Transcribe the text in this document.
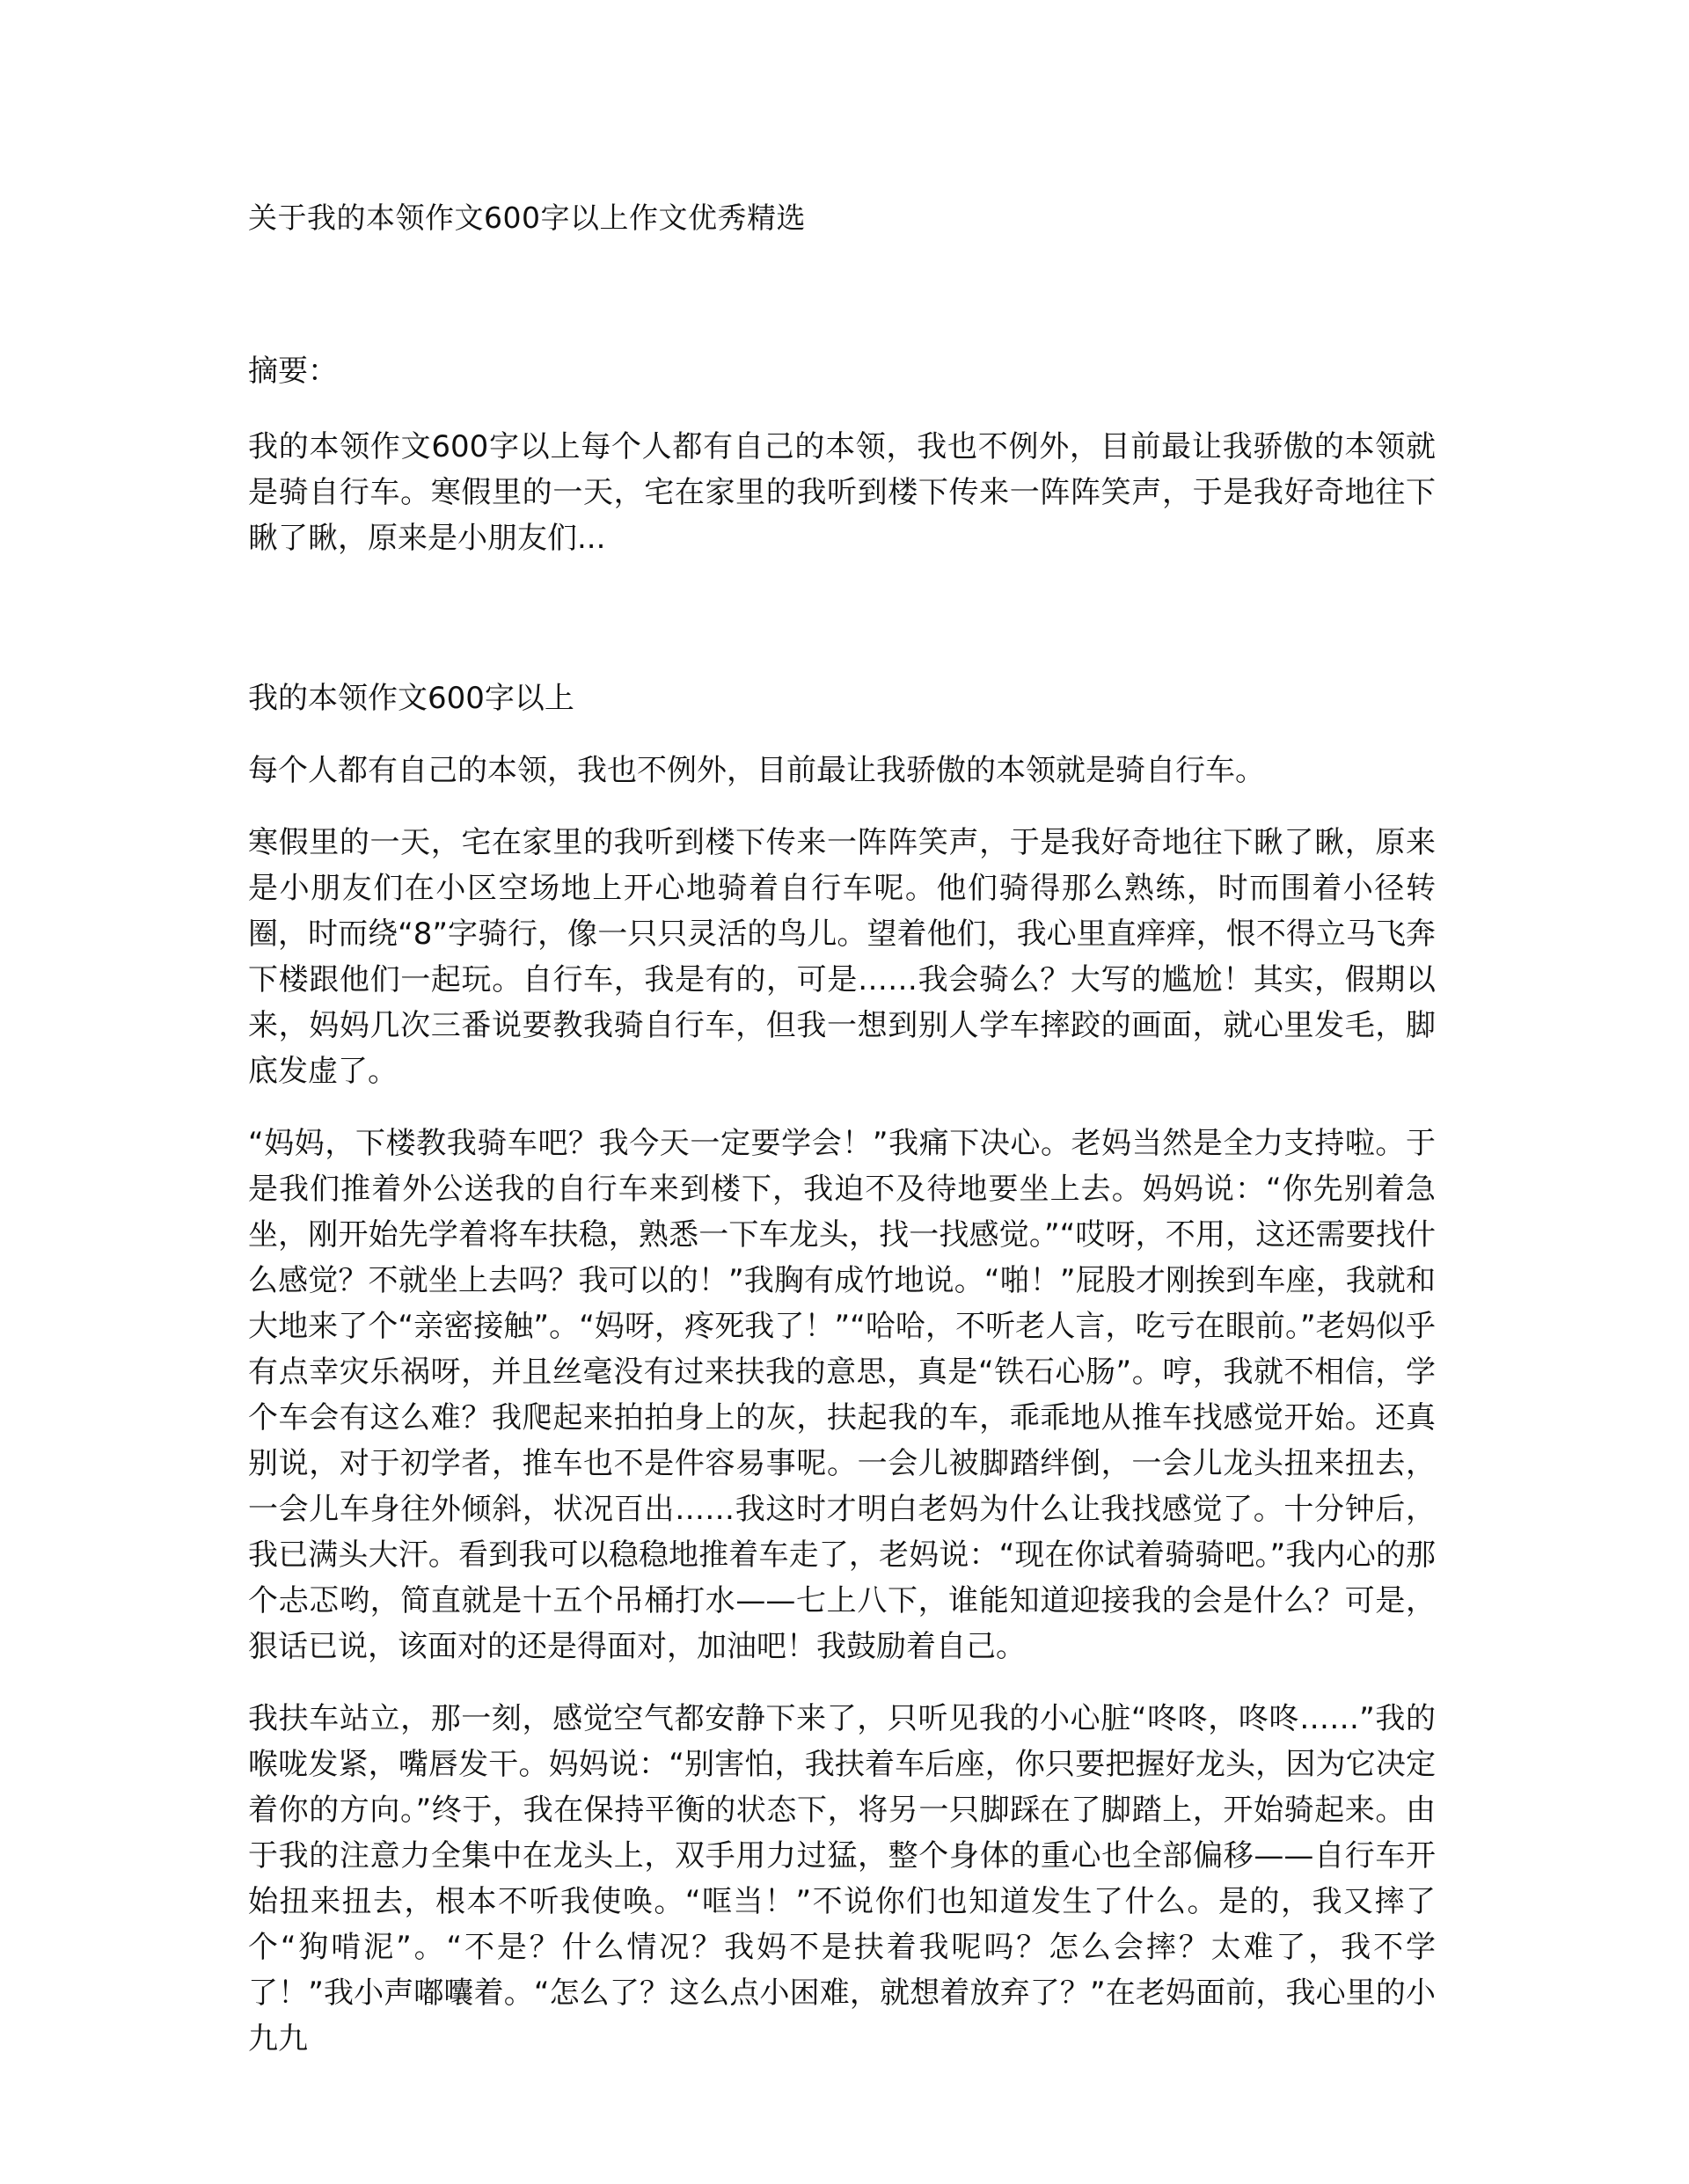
关于我的本领作文600字以上作文优秀精选

摘要：

我的本领作文600字以上每个人都有自己的本领，我也不例外，目前最让我骄傲的本领就是骑自行车。寒假里的一天，宅在家里的我听到楼下传来一阵阵笑声，于是我好奇地往下瞅了瞅，原来是小朋友们...

我的本领作文600字以上

每个人都有自己的本领，我也不例外，目前最让我骄傲的本领就是骑自行车。

寒假里的一天，宅在家里的我听到楼下传来一阵阵笑声，于是我好奇地往下瞅了瞅，原来是小朋友们在小区空场地上开心地骑着自行车呢。他们骑得那么熟练，时而围着小径转圈，时而绕“8”字骑行，像一只只灵活的鸟儿。望着他们，我心里直痒痒，恨不得立马飞奔下楼跟他们一起玩。自行车，我是有的，可是……我会骑么？大写的尴尬！其实，假期以来，妈妈几次三番说要教我骑自行车，但我一想到别人学车摔跤的画面，就心里发毛，脚底发虚了。

“妈妈，下楼教我骑车吧？我今天一定要学会！”我痛下决心。老妈当然是全力支持啦。于是我们推着外公送我的自行车来到楼下，我迫不及待地要坐上去。妈妈说：“你先别着急坐，刚开始先学着将车扶稳，熟悉一下车龙头，找一找感觉。”“哎呀，不用，这还需要找什么感觉？不就坐上去吗？我可以的！”我胸有成竹地说。“啪！”屁股才刚挨到车座，我就和大地来了个“亲密接触”。“妈呀，疼死我了！”“哈哈，不听老人言，吃亏在眼前。”老妈似乎有点幸灾乐祸呀，并且丝毫没有过来扶我的意思，真是“铁石心肠”。哼，我就不相信，学个车会有这么难？我爬起来拍拍身上的灰，扶起我的车，乖乖地从推车找感觉开始。还真别说，对于初学者，推车也不是件容易事呢。一会儿被脚踏绊倒，一会儿龙头扭来扭去，一会儿车身往外倾斜，状况百出……我这时才明白老妈为什么让我找感觉了。十分钟后，我已满头大汗。看到我可以稳稳地推着车走了，老妈说：“现在你试着骑骑吧。”我内心的那个忐忑哟，简直就是十五个吊桶打水——七上八下，谁能知道迎接我的会是什么？可是，狠话已说，该面对的还是得面对，加油吧！我鼓励着自己。

我扶车站立，那一刻，感觉空气都安静下来了，只听见我的小心脏“咚咚，咚咚……”我的喉咙发紧，嘴唇发干。妈妈说：“别害怕，我扶着车后座，你只要把握好龙头，因为它决定着你的方向。”终于，我在保持平衡的状态下，将另一只脚踩在了脚踏上，开始骑起来。由于我的注意力全集中在龙头上，双手用力过猛，整个身体的重心也全部偏移——自行车开始扭来扭去，根本不听我使唤。“哐当！”不说你们也知道发生了什么。是的，我又摔了个“狗啃泥”。“不是？什么情况？我妈不是扶着我呢吗？怎么会摔？太难了，我不学了！”我小声嘟囔着。“怎么了？这么点小困难，就想着放弃了？”在老妈面前，我心里的小九九
